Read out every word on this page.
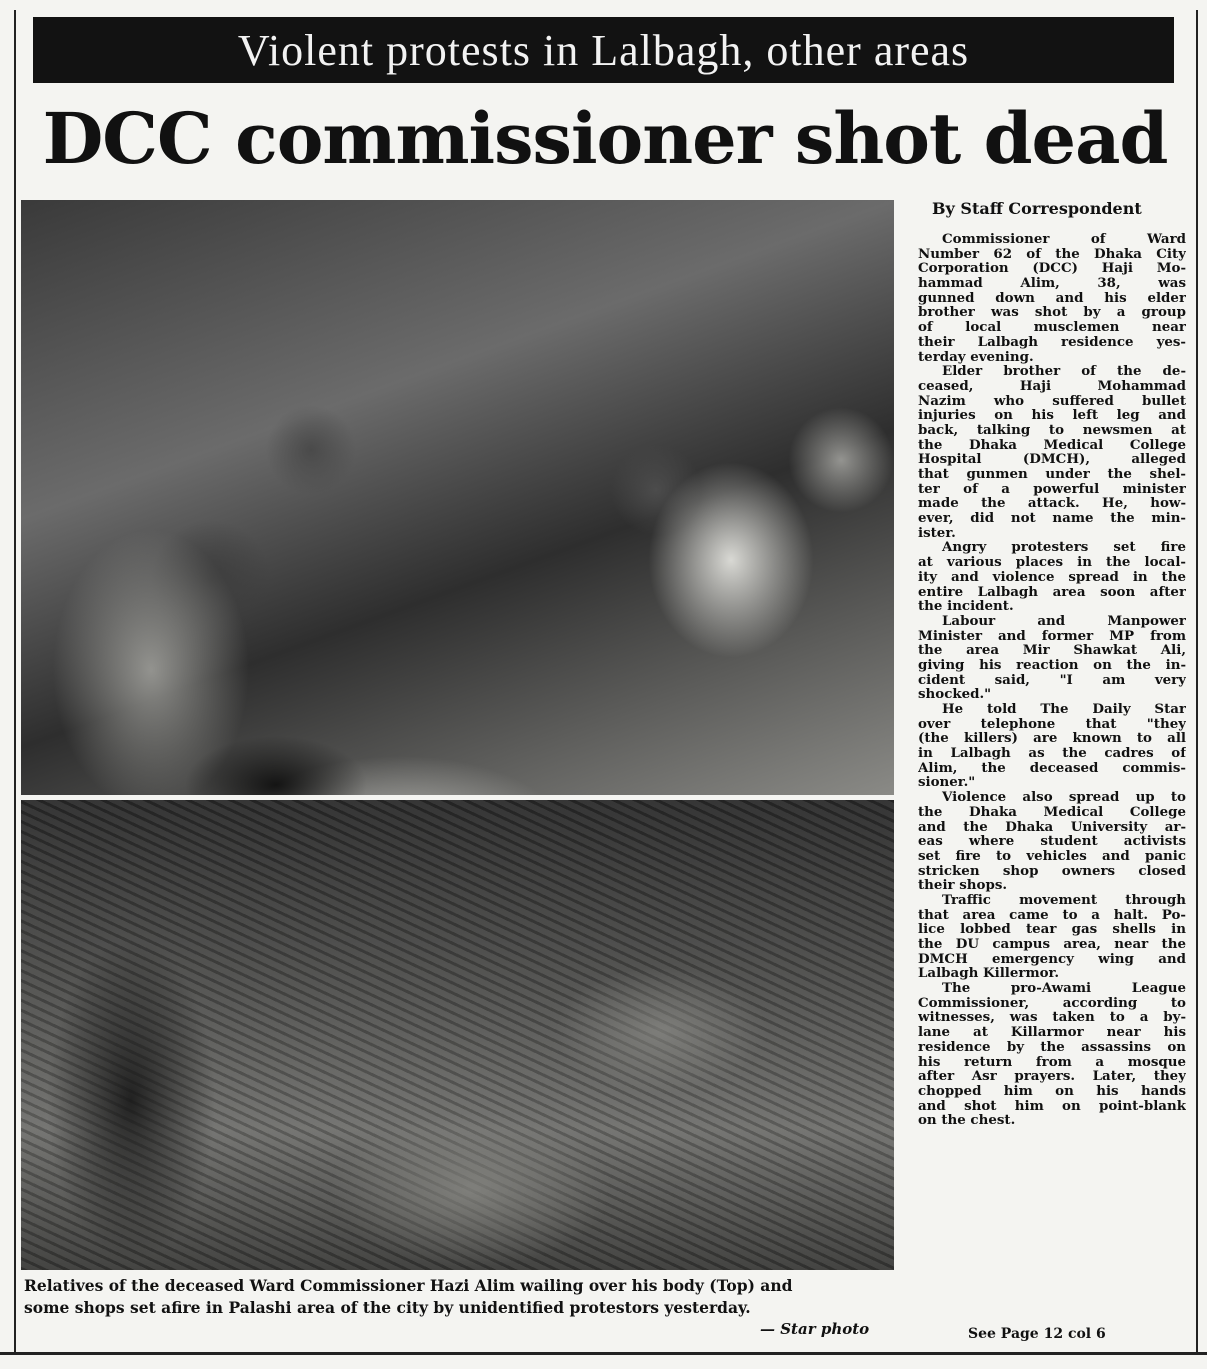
Violent protests in Lalbagh, other areas
DCC commissioner shot dead

Relatives of the deceased Ward Commissioner Hazi Alim wailing over his body (Top) and

some shops set afire in Palashi area of the city by unidentified protestors yesterday.

— Star photo
By Staff Correspondent
Commissioner of Ward
Number 62 of the Dhaka City
Corporation (DCC) Haji Mo-
hammad Alim, 38, was
gunned down and his elder
brother was shot by a group
of local musclemen near
their Lalbagh residence yes-
terday evening.
Elder brother of the de-
ceased, Haji Mohammad
Nazim who suffered bullet
injuries on his left leg and
back, talking to newsmen at
the Dhaka Medical College
Hospital (DMCH), alleged
that gunmen under the shel-
ter of a powerful minister
made the attack. He, how-
ever, did not name the min-
ister.
Angry protesters set fire
at various places in the local-
ity and violence spread in the
entire Lalbagh area soon after
the incident.
Labour and Manpower
Minister and former MP from
the area Mir Shawkat Ali,
giving his reaction on the in-
cident said, "I am very
shocked."
He told The Daily Star
over telephone that "they
(the killers) are known to all
in Lalbagh as the cadres of
Alim, the deceased commis-
sioner."
Violence also spread up to
the Dhaka Medical College
and the Dhaka University ar-
eas where student activists
set fire to vehicles and panic
stricken shop owners closed
their shops.
Traffic movement through
that area came to a halt. Po-
lice lobbed tear gas shells in
the DU campus area, near the
DMCH emergency wing and
Lalbagh Killermor.
The pro-Awami League
Commissioner, according to
witnesses, was taken to a by-
lane at Killarmor near his
residence by the assassins on
his return from a mosque
after Asr prayers. Later, they
chopped him on his hands
and shot him on point-blank
on the chest.
See Page 12 col 6
